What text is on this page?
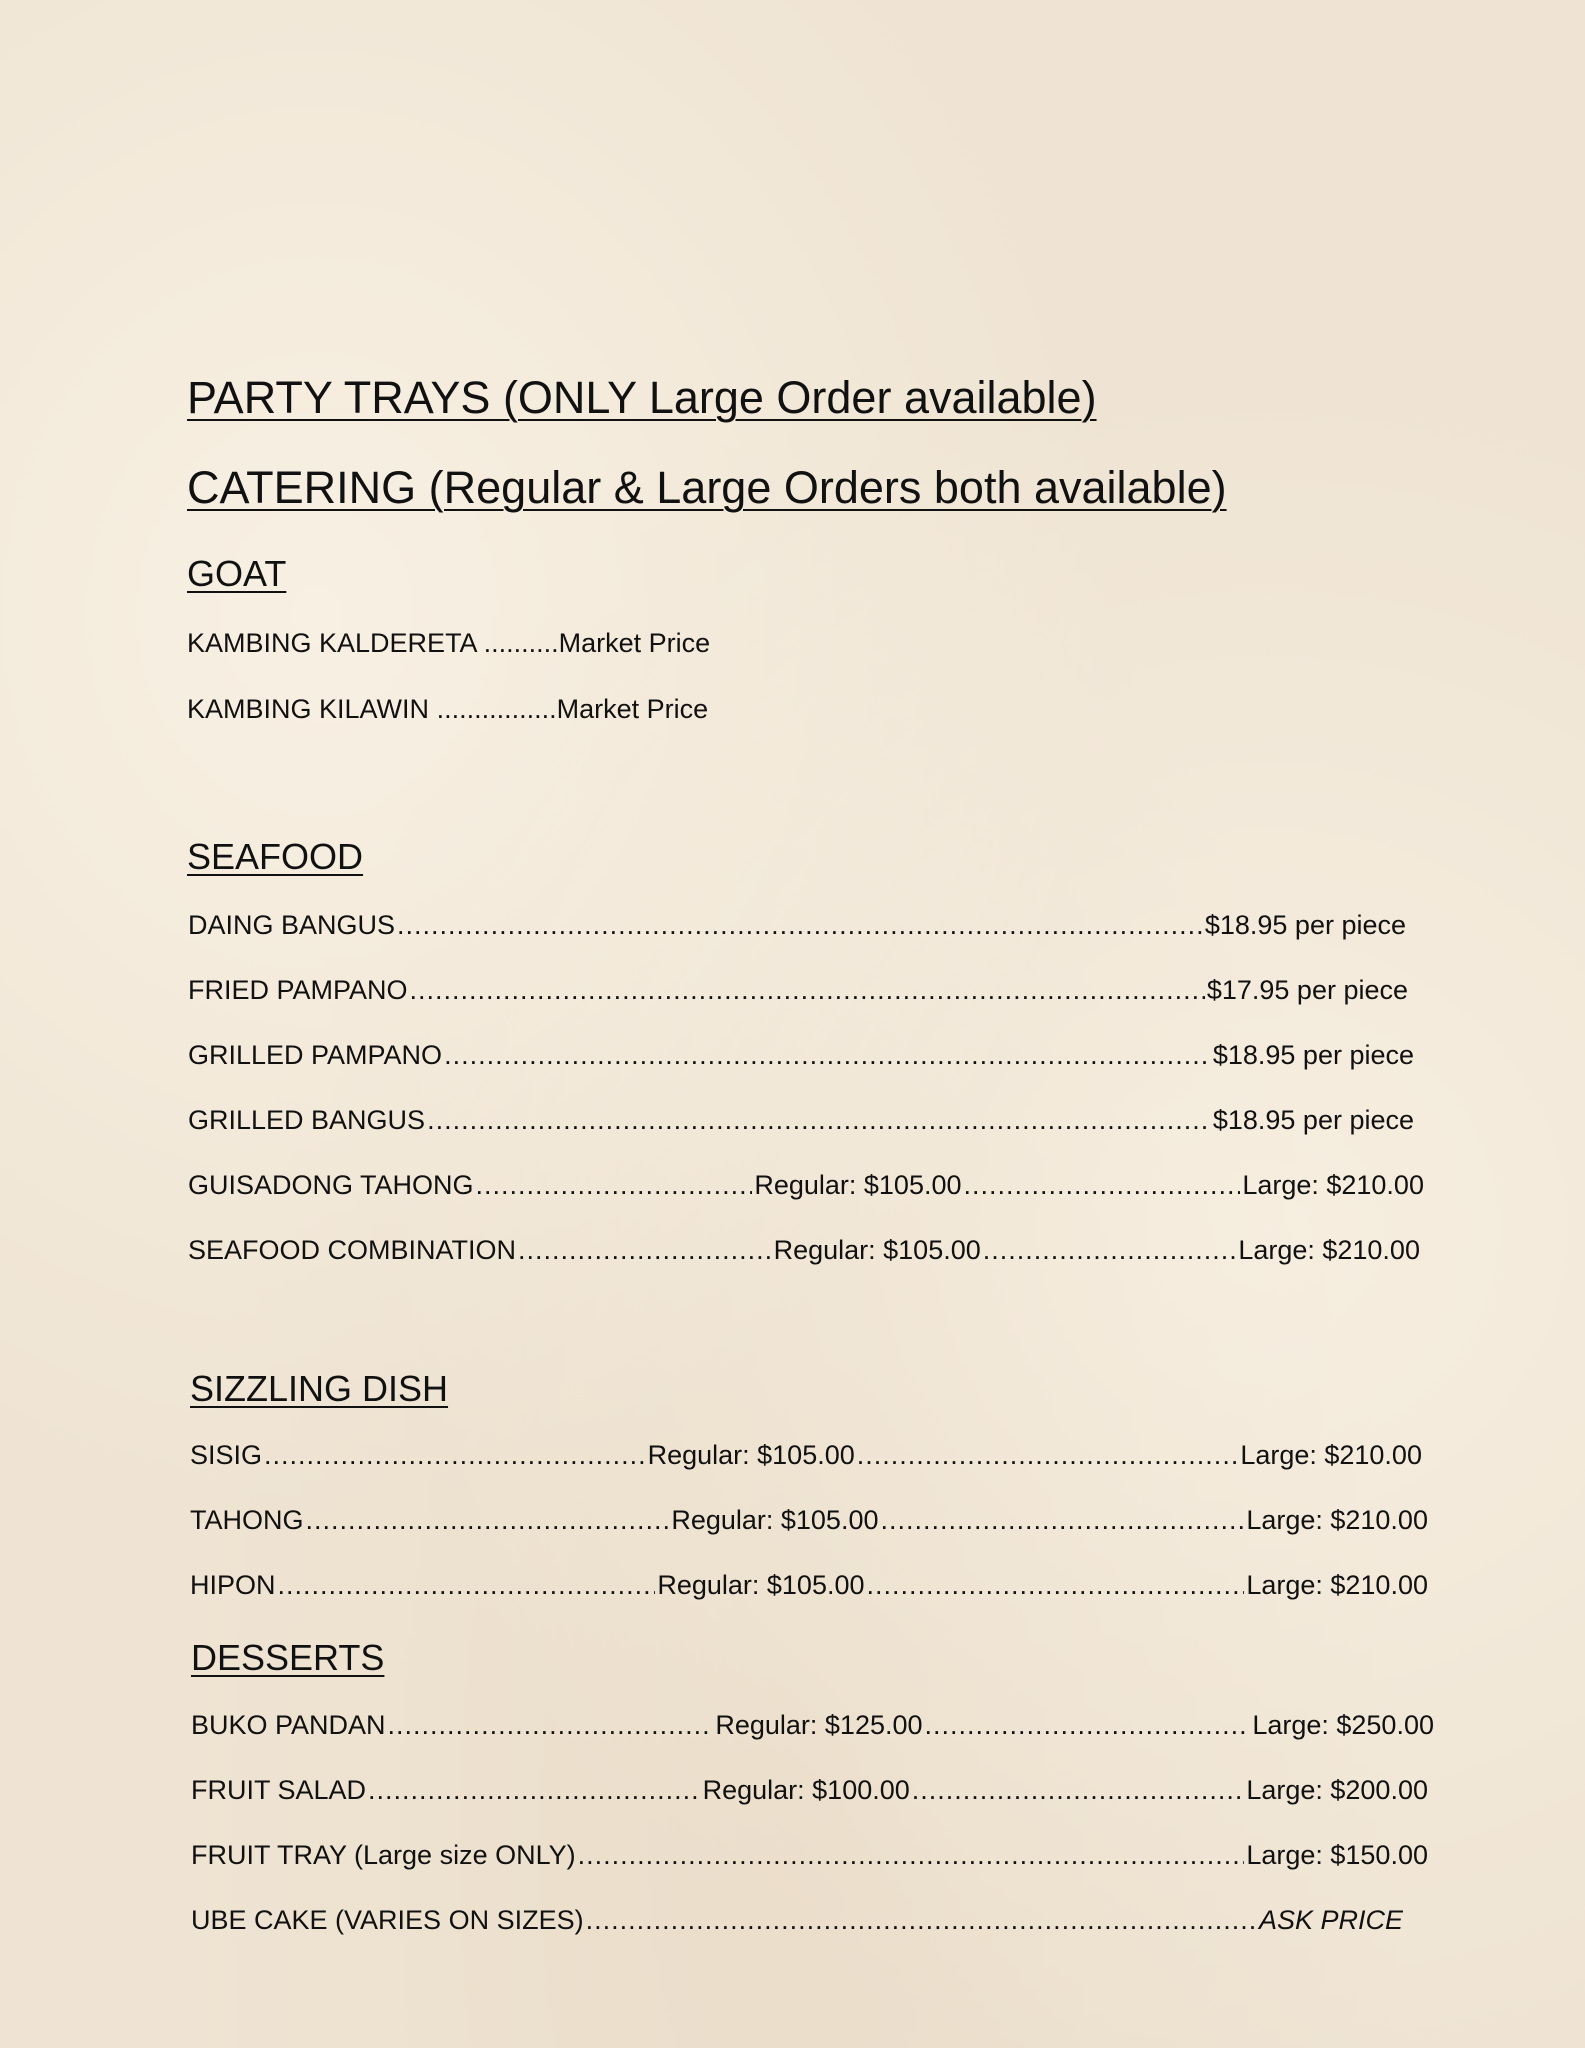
PARTY TRAYS (ONLY Large Order available)
CATERING (Regular & Large Orders both available)
GOAT
KAMBING KALDERETA ..........Market Price
KAMBING KILAWIN ................Market Price
SEAFOOD
DAING BANGUS .....	$18.95 per piece
FRIED PAMPANO .....	$17.95 per piece
GRILLED PAMPANO .....	$18.95 per piece
GRILLED BANGUS .....	$18.95 per piece
GUISADONG TAHONG .....	Regular: $105.00 .....	Large: $210.00
SEAFOOD COMBINATION .....	Regular: $105.00 .....	Large: $210.00
SIZZLING DISH
SISIG .....	Regular: $105.00 .....	Large: $210.00
TAHONG .....	Regular: $105.00 .....	Large: $210.00
HIPON .....	Regular: $105.00 .....	Large: $210.00
DESSERTS
BUKO PANDAN .....	Regular: $125.00 .....	Large: $250.00
FRUIT SALAD .....	Regular: $100.00 .....	Large: $200.00
FRUIT TRAY (Large size ONLY) .....	Large: $150.00
UBE CAKE (VARIES ON SIZES) .....	ASK PRICE
